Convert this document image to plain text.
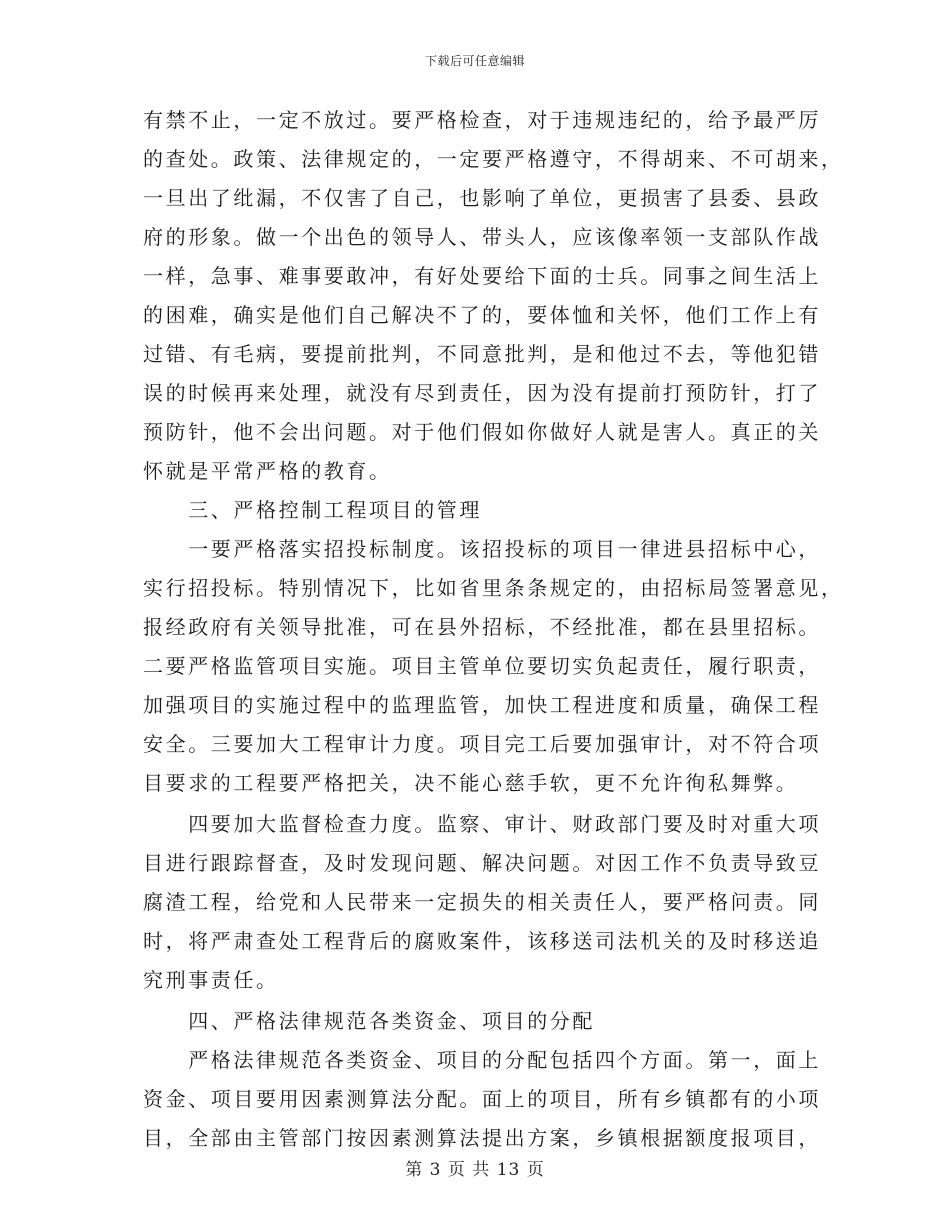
下载后可任意编辑
有禁不止，一定不放过。要严格检查，对于违规违纪的，给予最严厉
的查处。政策、法律规定的，一定要严格遵守，不得胡来、不可胡来，
一旦出了纰漏，不仅害了自己，也影响了单位，更损害了县委、县政
府的形象。做一个出色的领导人、带头人，应该像率领一支部队作战
一样，急事、难事要敢冲，有好处要给下面的士兵。同事之间生活上
的困难，确实是他们自己解决不了的，要体恤和关怀，他们工作上有
过错、有毛病，要提前批判，不同意批判，是和他过不去，等他犯错
误的时候再来处理，就没有尽到责任，因为没有提前打预防针，打了
预防针，他不会出问题。对于他们假如你做好人就是害人。真正的关
怀就是平常严格的教育。
　　三、严格控制工程项目的管理
　　一要严格落实招投标制度。该招投标的项目一律进县招标中心，
实行招投标。特别情况下，比如省里条条规定的，由招标局签署意见，
报经政府有关领导批准，可在县外招标，不经批准，都在县里招标。
二要严格监管项目实施。项目主管单位要切实负起责任，履行职责，
加强项目的实施过程中的监理监管，加快工程进度和质量，确保工程
安全。三要加大工程审计力度。项目完工后要加强审计，对不符合项
目要求的工程要严格把关，决不能心慈手软，更不允许徇私舞弊。
　　四要加大监督检查力度。监察、审计、财政部门要及时对重大项
目进行跟踪督查，及时发现问题、解决问题。对因工作不负责导致豆
腐渣工程，给党和人民带来一定损失的相关责任人，要严格问责。同
时，将严肃查处工程背后的腐败案件，该移送司法机关的及时移送追
究刑事责任。
　　四、严格法律规范各类资金、项目的分配
　　严格法律规范各类资金、项目的分配包括四个方面。第一，面上
资金、项目要用因素测算法分配。面上的项目，所有乡镇都有的小项
目，全部由主管部门按因素测算法提出方案，乡镇根据额度报项目，
第 3 页 共 13 页
